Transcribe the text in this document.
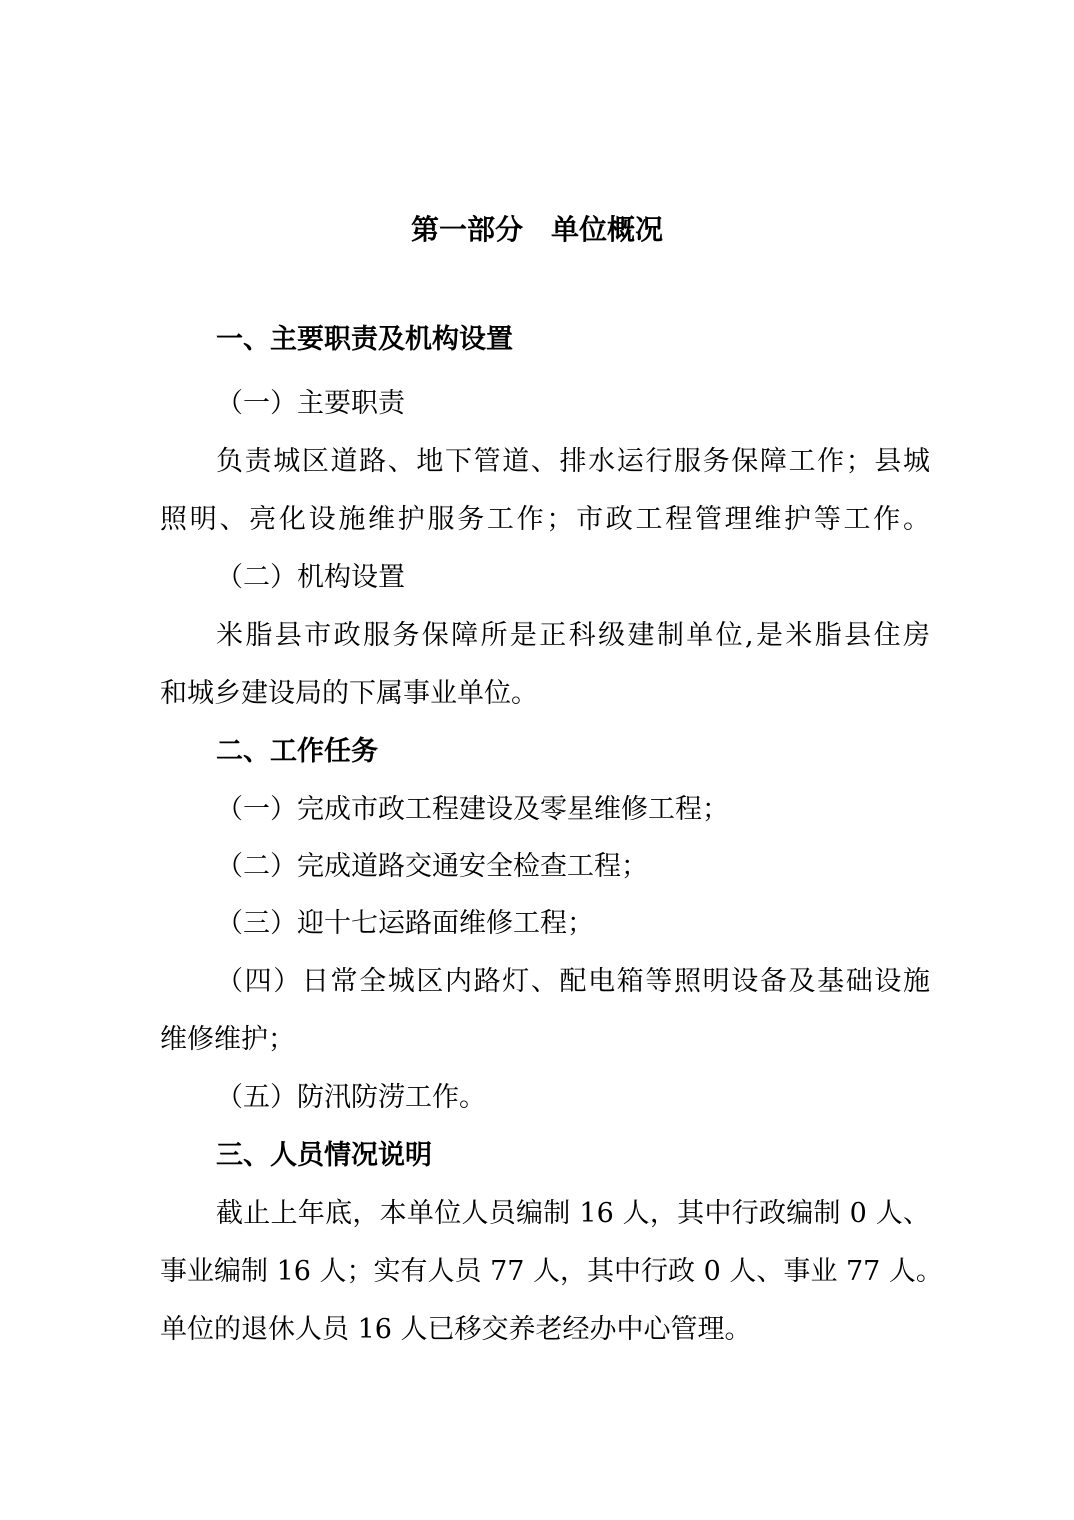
第一部分　单位概况
一、主要职责及机构设置
（一）主要职责
负责城区道路、地下管道、排水运行服务保障工作；县城
照明、亮化设施维护服务工作；市政工程管理维护等工作。
（二）机构设置
米脂县市政服务保障所是正科级建制单位,是米脂县住房
和城乡建设局的下属事业单位。
二、工作任务
（一）完成市政工程建设及零星维修工程；
（二）完成道路交通安全检查工程；
（三）迎十七运路面维修工程；
（四）日常全城区内路灯、配电箱等照明设备及基础设施
维修维护；
（五）防汛防涝工作。
三、人员情况说明
截止上年底，本单位人员编制 16 人，其中行政编制 0 人、
事业编制 16 人；实有人员 77 人，其中行政 0 人、事业 77 人。
单位的退休人员 16 人已移交养老经办中心管理。
